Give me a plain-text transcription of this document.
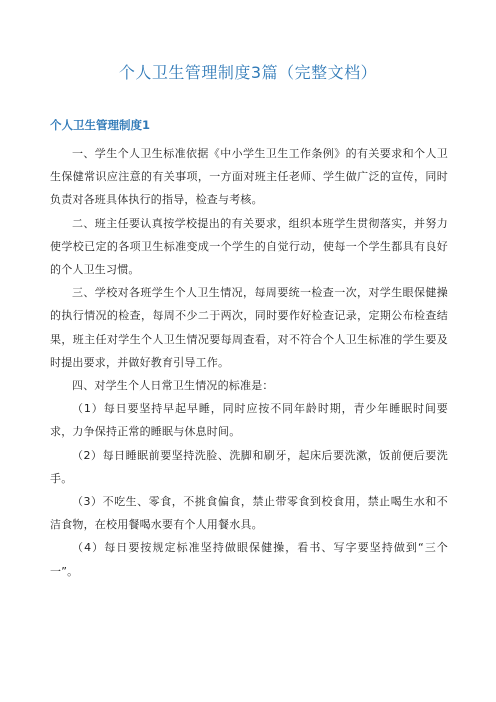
个人卫生管理制度3篇（完整文档）
个人卫生管理制度1

一、学生个人卫生标准依据《中小学生卫生工作条例》的有关要求和个人卫生保健常识应注意的有关事项，一方面对班主任老师、学生做广泛的宣传，同时负责对各班具体执行的指导，检查与考核。

二、班主任要认真按学校提出的有关要求，组织本班学生贯彻落实，并努力使学校已定的各项卫生标准变成一个学生的自觉行动，使每一个学生都具有良好的个人卫生习惯。

三、学校对各班学生个人卫生情况，每周要统一检查一次，对学生眼保健操的执行情况的检查，每周不少二于两次，同时要作好检查记录，定期公布检查结果，班主任对学生个人卫生情况要每周查看，对不符合个人卫生标准的学生要及时提出要求，并做好教育引导工作。

四、对学生个人日常卫生情况的标准是：

（1）每日要坚持早起早睡，同时应按不同年龄时期，青少年睡眠时间要求，力争保持正常的睡眠与休息时间。

（2）每日睡眠前要坚持洗脸、洗脚和刷牙，起床后要洗漱，饭前便后要洗手。

（3）不吃生、零食，不挑食偏食，禁止带零食到校食用，禁止喝生水和不洁食物，在校用餐喝水要有个人用餐水具。

（4）每日要按规定标准坚持做眼保健操，看书、写字要坚持做到“三个一”。
